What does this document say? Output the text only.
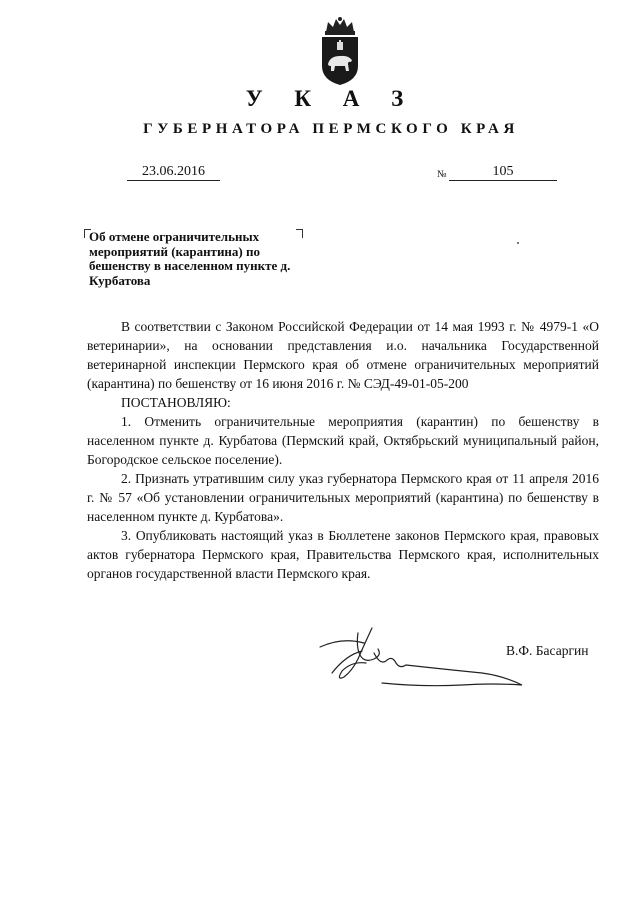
У К А З
ГУБЕРНАТОРА ПЕРМСКОГО КРАЯ
23.06.2016	№	105
Об отмене ограничительных мероприятий (карантина) по бешенству в населенном пункте д. Курбатова

В соответствии с Законом Российской Федерации от 14 мая 1993 г. № 4979-1 «О ветеринарии», на основании представления и.о. начальника Государственной ветеринарной инспекции Пермского края об отмене ограничительных мероприятий (карантина) по бешенству от 16 июня 2016 г. № СЭД-49-01-05-200

ПОСТАНОВЛЯЮ:

1. Отменить ограничительные мероприятия (карантин) по бешенству в населенном пункте д. Курбатова (Пермский край, Октябрьский муниципальный район, Богородское сельское поселение).

2. Признать утратившим силу указ губернатора Пермского края от 11 апреля 2016 г. № 57 «Об установлении ограничительных мероприятий (карантина) по бешенству в населенном пункте д. Курбатова».

3. Опубликовать настоящий указ в Бюллетене законов Пермского края, правовых актов губернатора Пермского края, Правительства Пермского края, исполнительных органов государственной власти Пермского края.

В.Ф. Басаргин
